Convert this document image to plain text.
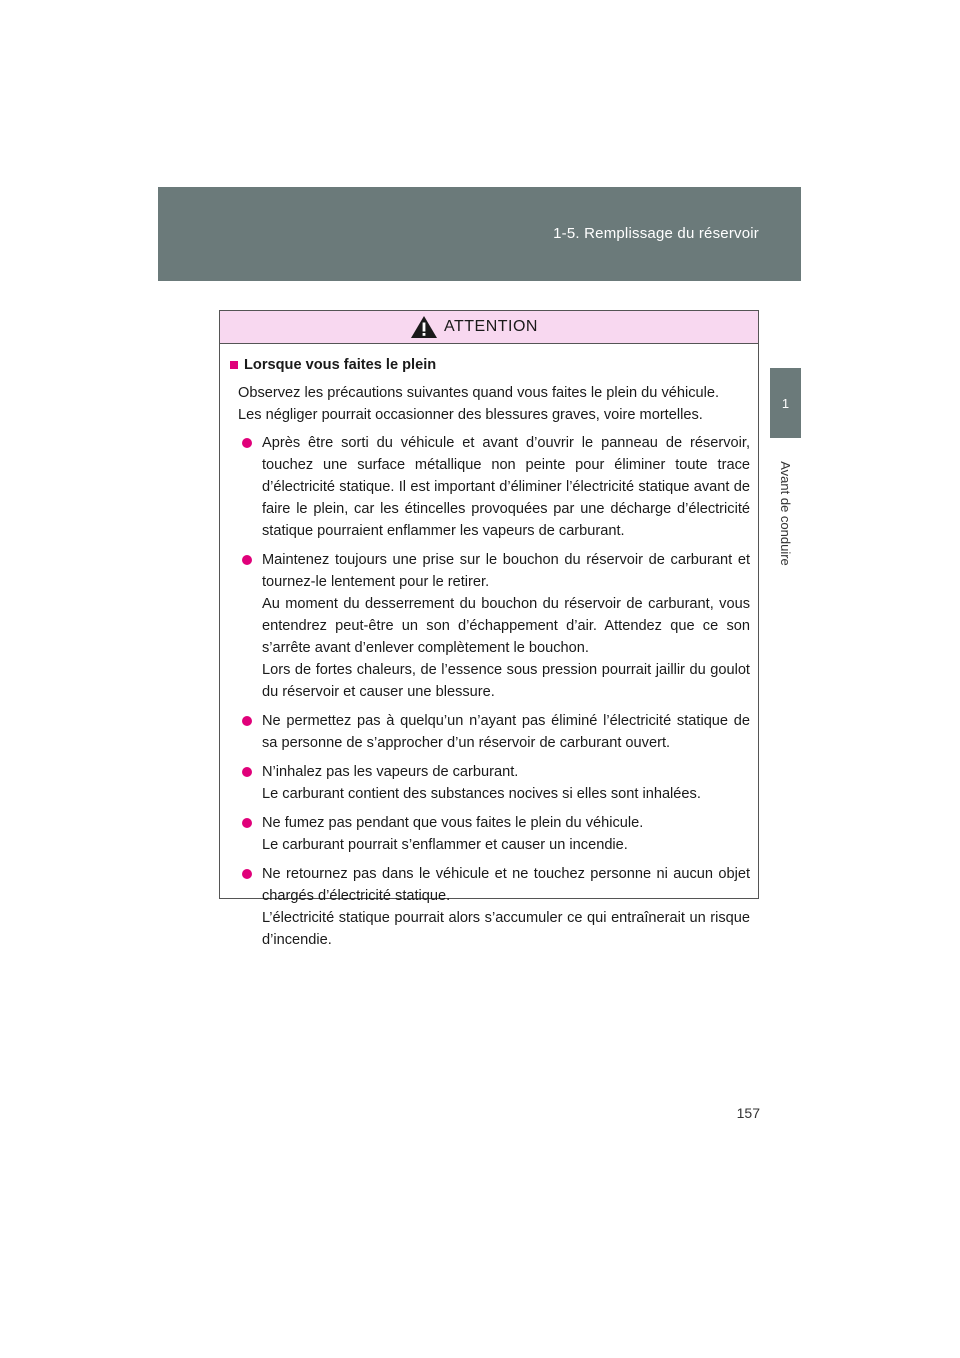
1-5. Remplissage du réservoir
1
Avant de conduire
ATTENTION
Lorsque vous faites le plein
Observez les précautions suivantes quand vous faites le plein du véhicule.
Les négliger pourrait occasionner des blessures graves, voire mortelles.

Après être sorti du véhicule et avant d’ouvrir le panneau de réservoir, touchez une surface métallique non peinte pour éliminer toute trace d’électricité statique. Il est important d’éliminer l’électricité statique avant de faire le plein, car les étincelles provoquées par une décharge d’électricité statique pourraient enflammer les vapeurs de carburant.

Maintenez toujours une prise sur le bouchon du réservoir de carburant et tournez-le lentement pour le retirer.

Au moment du desserrement du bouchon du réservoir de carburant, vous entendrez peut-être un son d’échappement d’air. Attendez que ce son s’arrête avant d’enlever complètement le bouchon.

Lors de fortes chaleurs, de l’essence sous pression pourrait jaillir du goulot du réservoir et causer une blessure.

Ne permettez pas à quelqu’un n’ayant pas éliminé l’électricité statique de sa personne de s’approcher d’un réservoir de carburant ouvert.

N’inhalez pas les vapeurs de carburant.

Le carburant contient des substances nocives si elles sont inhalées.

Ne fumez pas pendant que vous faites le plein du véhicule.

Le carburant pourrait s’enflammer et causer un incendie.

Ne retournez pas dans le véhicule et ne touchez personne ni aucun objet chargés d’électricité statique.

L’électricité statique pourrait alors s’accumuler ce qui entraînerait un risque d’incendie.

157
